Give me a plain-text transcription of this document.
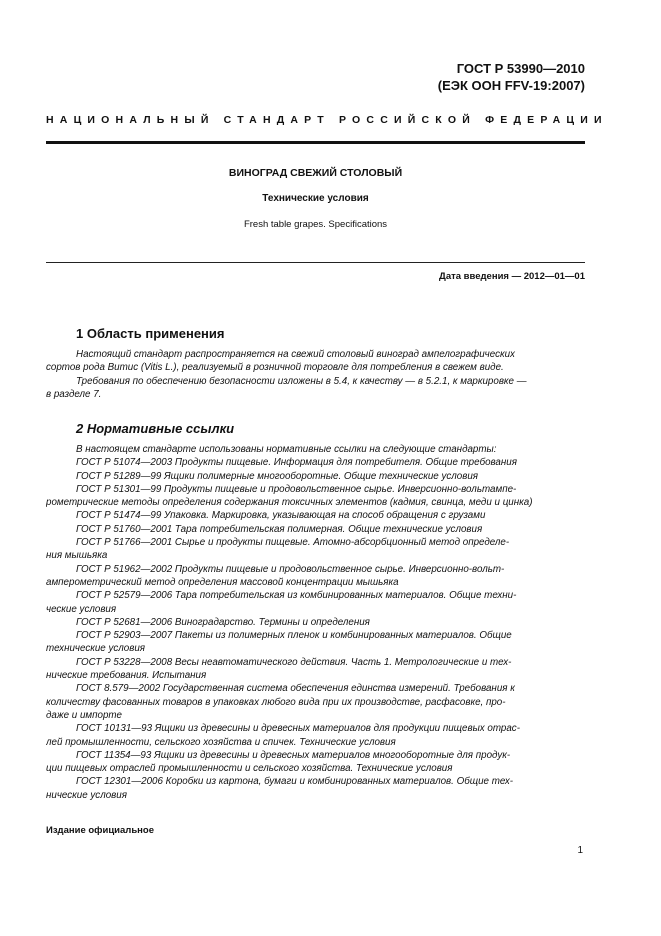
ГОСТ Р 53990—2010
(ЕЭК ООН FFV-19:2007)
НАЦИОНАЛЬНЫЙ СТАНДАРТ РОССИЙСКОЙ ФЕДЕРАЦИИ
ВИНОГРАД СВЕЖИЙ СТОЛОВЫЙ
Технические условия
Fresh table grapes. Specifications
Дата введения — 2012—01—01
1 Область применения
Настоящий стандарт распространяется на свежий столовый виноград ампелографических
сортов рода Витис (Vitis L.), реализуемый в розничной торговле для потребления в свежем виде.
Требования по обеспечению безопасности изложены в 5.4, к качеству — в 5.2.1, к маркировке —
в разделе 7.
2 Нормативные ссылки
В настоящем стандарте использованы нормативные ссылки на следующие стандарты:
ГОСТ Р 51074—2003 Продукты пищевые. Информация для потребителя. Общие требования
ГОСТ Р 51289—99 Ящики полимерные многооборотные. Общие технические условия
ГОСТ Р 51301—99 Продукты пищевые и продовольственное сырье. Инверсионно-вольтампе-
рометрические методы определения содержания токсичных элементов (кадмия, свинца, меди и цинка)
ГОСТ Р 51474—99 Упаковка. Маркировка, указывающая на способ обращения с грузами
ГОСТ Р 51760—2001 Тара потребительская полимерная. Общие технические условия
ГОСТ Р 51766—2001 Сырье и продукты пищевые. Атомно-абсорбционный метод определе-
ния мышьяка
ГОСТ Р 51962—2002 Продукты пищевые и продовольственное сырье. Инверсионно-вольт-
амперометрический метод определения массовой концентрации мышьяка
ГОСТ Р 52579—2006 Тара потребительская из комбинированных материалов. Общие техни-
ческие условия
ГОСТ Р 52681—2006 Виноградарство. Термины и определения
ГОСТ Р 52903—2007 Пакеты из полимерных пленок и комбинированных материалов. Общие
технические условия
ГОСТ Р 53228—2008 Весы неавтоматического действия. Часть 1. Метрологические и тех-
нические требования. Испытания
ГОСТ 8.579—2002 Государственная система обеспечения единства измерений. Требования к
количеству фасованных товаров в упаковках любого вида при их производстве, расфасовке, про-
даже и импорте
ГОСТ 10131—93 Ящики из древесины и древесных материалов для продукции пищевых отрас-
лей промышленности, сельского хозяйства и спичек. Технические условия
ГОСТ 11354—93 Ящики из древесины и древесных материалов многооборотные для продук-
ции пищевых отраслей промышленности и сельского хозяйства. Технические условия
ГОСТ 12301—2006 Коробки из картона, бумаги и комбинированных материалов. Общие тех-
нические условия
Издание официальное
1
